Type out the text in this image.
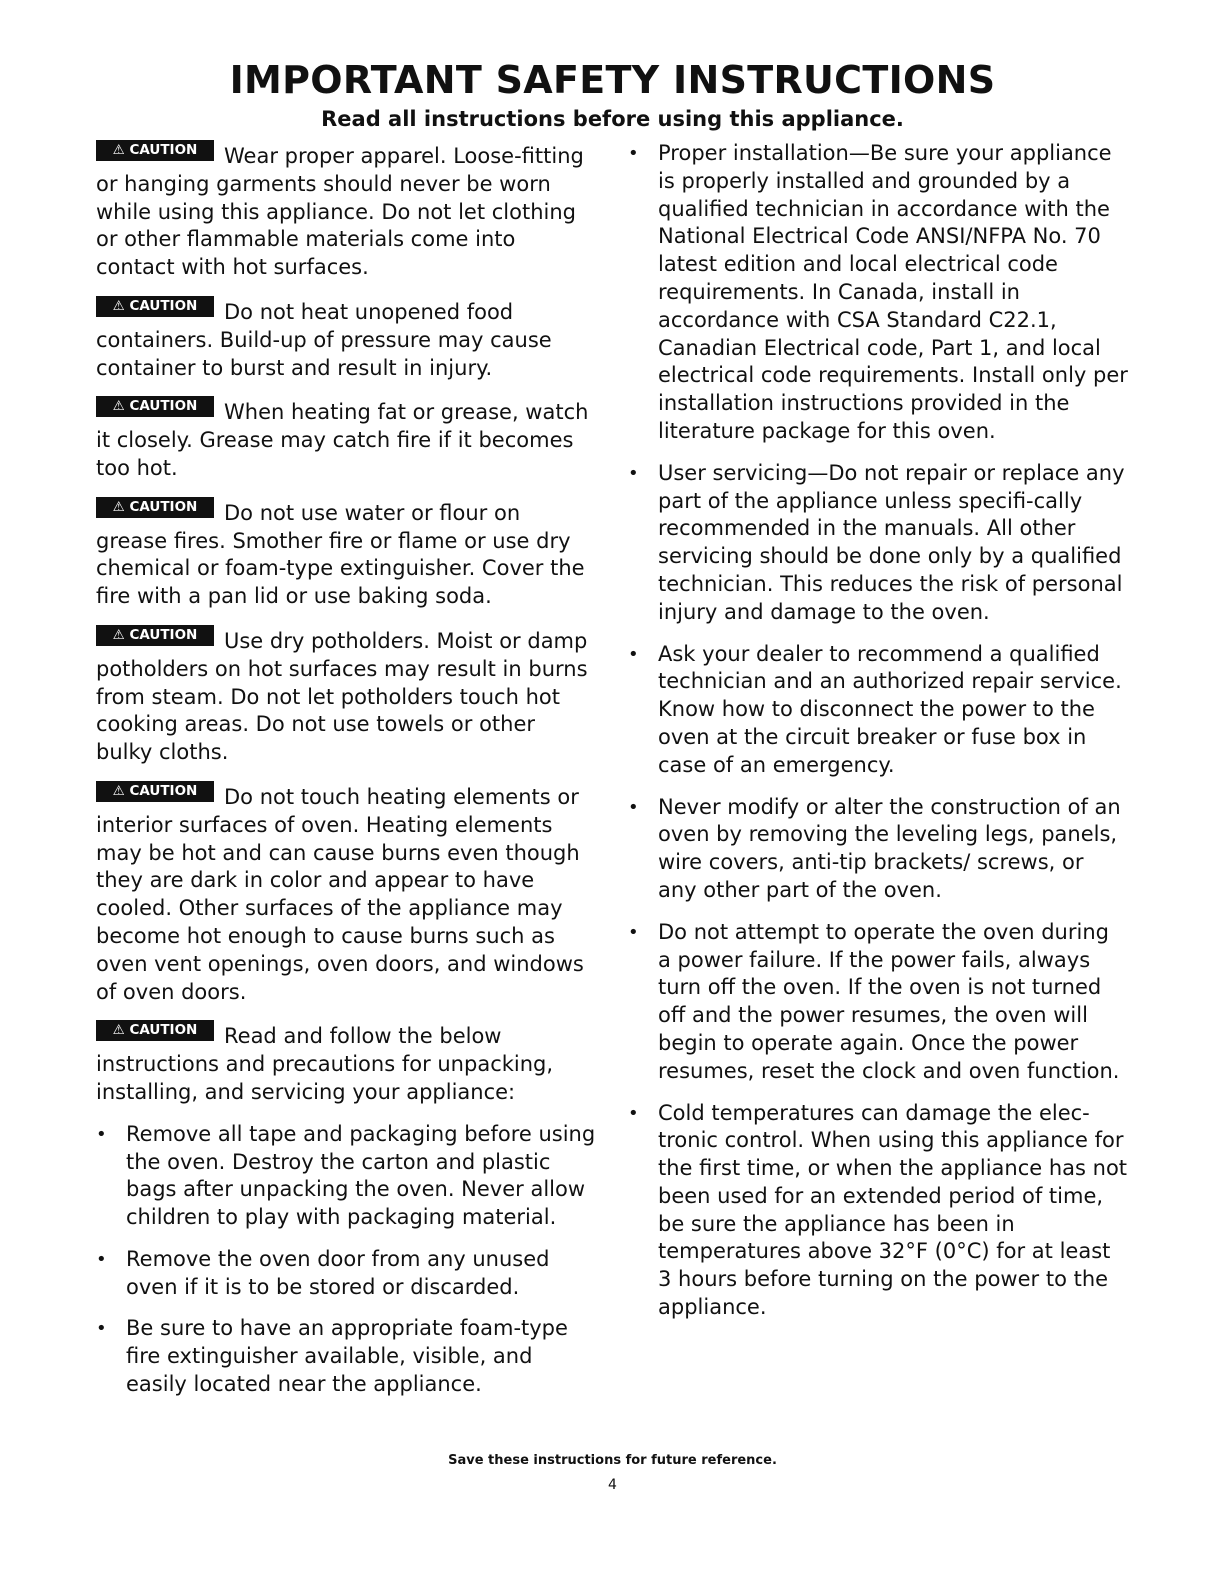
IMPORTANT SAFETY INSTRUCTIONS
Read all instructions before using this appliance.

⚠ CAUTION Wear proper apparel. Loose-fitting or hanging garments should never be worn while using this appliance. Do not let clothing or other flammable materials come into contact with hot surfaces.

⚠ CAUTION Do not heat unopened food containers. Build-up of pressure may cause container to burst and result in injury.

⚠ CAUTION When heating fat or grease, watch it closely. Grease may catch fire if it becomes too hot.

⚠ CAUTION Do not use water or flour on grease fires. Smother fire or flame or use dry chemical or foam-type extinguisher. Cover the fire with a pan lid or use baking soda.

⚠ CAUTION Use dry potholders. Moist or damp potholders on hot surfaces may result in burns from steam. Do not let potholders touch hot cooking areas. Do not use towels or other bulky cloths.

⚠ CAUTION Do not touch heating elements or interior surfaces of oven. Heating elements may be hot and can cause burns even though they are dark in color and appear to have cooled. Other surfaces of the appliance may become hot enough to cause burns such as oven vent openings, oven doors, and windows of oven doors.

⚠ CAUTION Read and follow the below instructions and precautions for unpacking, installing, and servicing your appliance:

• Remove all tape and packaging before using the oven. Destroy the carton and plastic bags after unpacking the oven. Never allow children to play with packaging material.
• Remove the oven door from any unused oven if it is to be stored or discarded.
• Be sure to have an appropriate foam-type fire extinguisher available, visible, and easily located near the appliance.
• Proper installation—Be sure your appliance is properly installed and grounded by a qualified technician in accordance with the National Electrical Code ANSI/NFPA No. 70 latest edition and local electrical code requirements. In Canada, install in accordance with CSA Standard C22.1, Canadian Electrical code, Part 1, and local electrical code requirements. Install only per installation instructions provided in the literature package for this oven.
• User servicing—Do not repair or replace any part of the appliance unless specifi-cally recommended in the manuals. All other servicing should be done only by a qualified technician. This reduces the risk of personal injury and damage to the oven.
• Ask your dealer to recommend a qualified technician and an authorized repair service. Know how to disconnect the power to the oven at the circuit breaker or fuse box in case of an emergency.
• Never modify or alter the construction of an oven by removing the leveling legs, panels, wire covers, anti-tip brackets/ screws, or any other part of the oven.
• Do not attempt to operate the oven during a power failure. If the power fails, always turn off the oven. If the oven is not turned off and the power resumes, the oven will begin to operate again. Once the power resumes, reset the clock and oven function.
• Cold temperatures can damage the elec-tronic control. When using this appliance for the first time, or when the appliance has not been used for an extended period of time, be sure the appliance has been in temperatures above 32°F (0°C) for at least 3 hours before turning on the power to the appliance.

Save these instructions for future reference.

4
